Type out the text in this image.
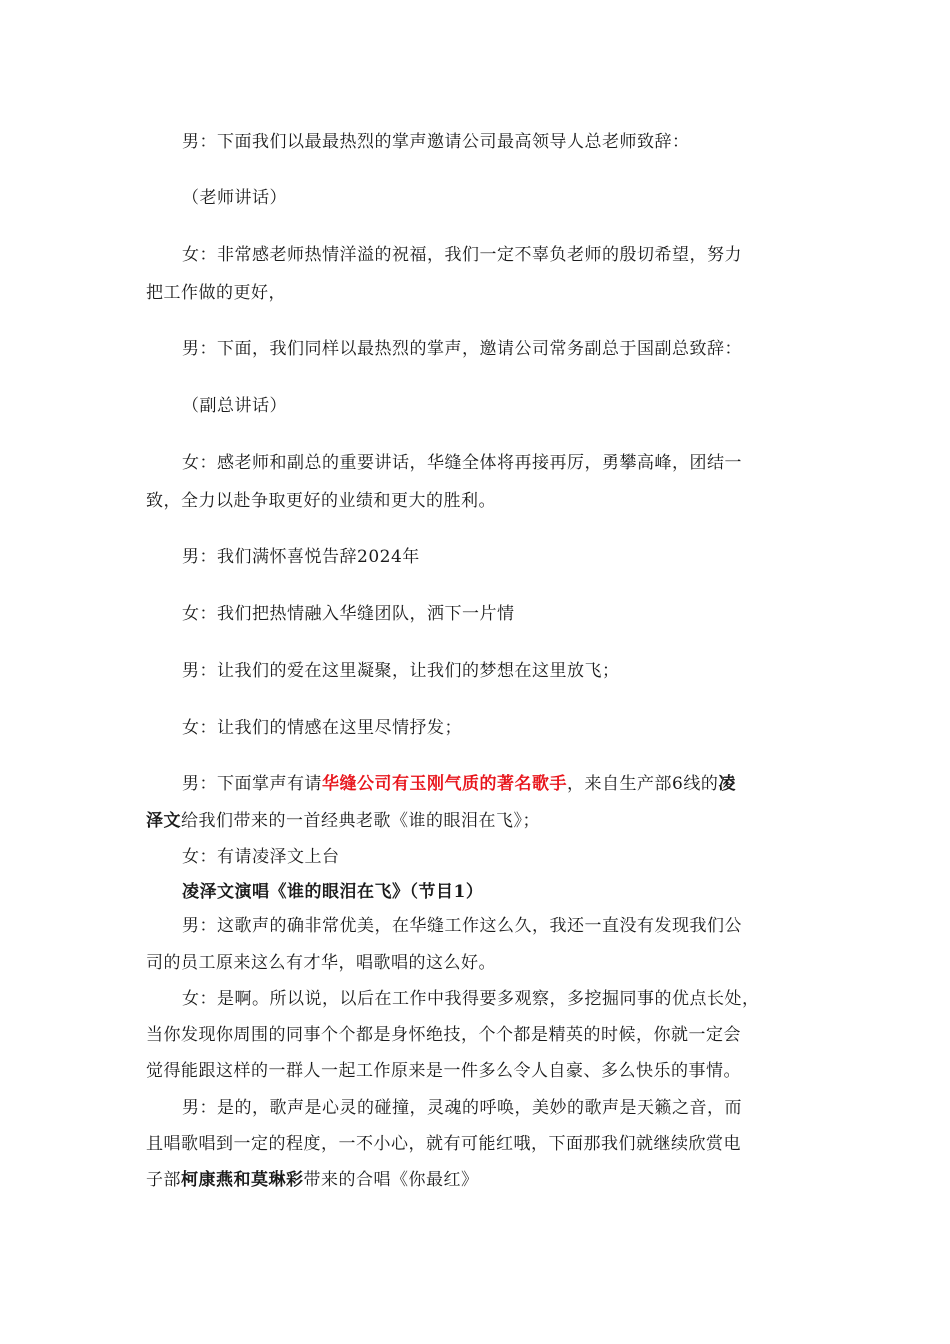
男：下面我们以最最热烈的掌声邀请公司最高领导人总老师致辞：
（老师讲话）
女：非常感老师热情洋溢的祝福，我们一定不辜负老师的殷切希望，努力
把工作做的更好，
男：下面，我们同样以最热烈的掌声，邀请公司常务副总于国副总致辞：
（副总讲话）
女：感老师和副总的重要讲话，华缝全体将再接再厉，勇攀高峰，团结一
致，全力以赴争取更好的业绩和更大的胜利。
男：我们满怀喜悦告辞2024年
女：我们把热情融入华缝团队，洒下一片情
男：让我们的爱在这里凝聚，让我们的梦想在这里放飞；
女：让我们的情感在这里尽情抒发；
男：下面掌声有请华缝公司有玉刚气质的著名歌手，来自生产部6线的凌
泽文给我们带来的一首经典老歌《谁的眼泪在飞》；
女：有请凌泽文上台
凌泽文演唱《谁的眼泪在飞》（节目1）
男：这歌声的确非常优美，在华缝工作这么久，我还一直没有发现我们公
司的员工原来这么有才华，唱歌唱的这么好。
女：是啊。所以说，以后在工作中我得要多观察，多挖掘同事的优点长处，
当你发现你周围的同事个个都是身怀绝技，个个都是精英的时候，你就一定会
觉得能跟这样的一群人一起工作原来是一件多么令人自豪、多么快乐的事情。
男：是的，歌声是心灵的碰撞，灵魂的呼唤，美妙的歌声是天籁之音，而
且唱歌唱到一定的程度，一不小心，就有可能红哦，下面那我们就继续欣赏电
子部柯康燕和莫琳彩带来的合唱《你最红》
